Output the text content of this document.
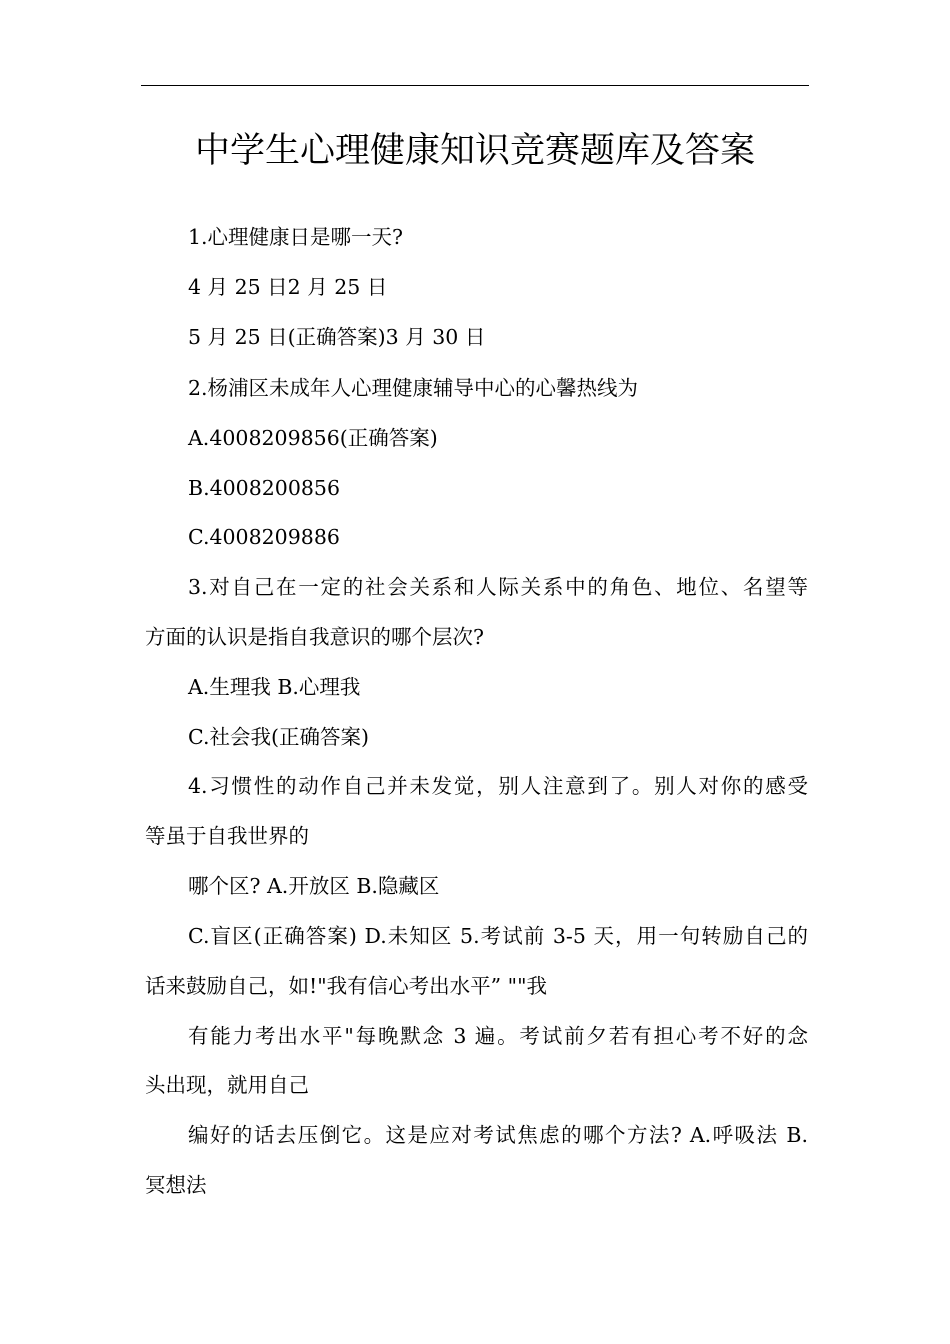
中学生心理健康知识竞赛题库及答案
1.心理健康日是哪一天?
4 月 25 日2 月 25 日
5 月 25 日(正确答案)3 月 30 日
2.杨浦区未成年人心理健康辅导中心的心馨热线为
A.4008209856(正确答案)
B.4008200856
C.4008209886
3.对自己在一定的社会关系和人际关系中的角色、地位、名望等
方面的认识是指自我意识的哪个层次?
A.生理我 B.心理我
C.社会我(正确答案)
4.习惯性的动作自己并未发觉，别人注意到了。别人对你的感受
等虽于自我世界的
哪个区? A.开放区 B.隐藏区
C.盲区(正确答案) D.未知区 5.考试前 3-5 天，用一句转励自己的
话来鼓励自己，如!"我有信心考出水平” ""我
有能力考出水平"每晚默念 3 遍。考试前夕若有担心考不好的念
头出现，就用自己
编好的话去压倒它。这是应对考试焦虑的哪个方法? A.呼吸法 B.
冥想法
